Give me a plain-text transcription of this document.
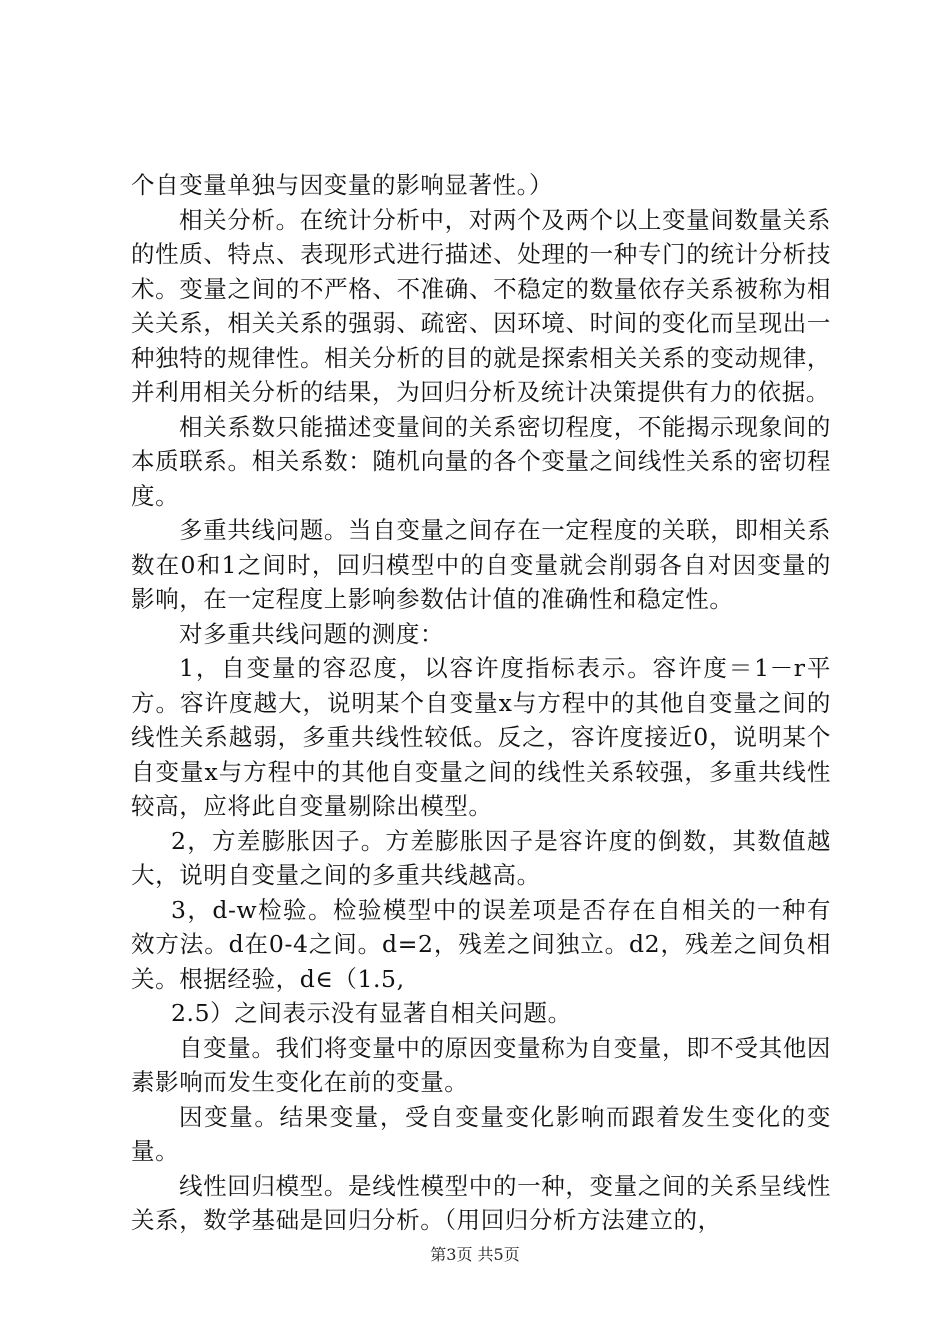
个自变量单独与因变量的影响显著性。）

相关分析。在统计分析中，对两个及两个以上变量间数量关系的性质、特点、表现形式进行描述、处理的一种专门的统计分析技术。变量之间的不严格、不准确、不稳定的数量依存关系被称为相关关系，相关关系的强弱、疏密、因环境、时间的变化而呈现出一种独特的规律性。相关分析的目的就是探索相关关系的变动规律，并利用相关分析的结果，为回归分析及统计决策提供有力的依据。

相关系数只能描述变量间的关系密切程度，不能揭示现象间的本质联系。相关系数：随机向量的各个变量之间线性关系的密切程度。

多重共线问题。当自变量之间存在一定程度的关联，即相关系数在0和1之间时，回归模型中的自变量就会削弱各自对因变量的影响，在一定程度上影响参数估计值的准确性和稳定性。

对多重共线问题的测度：

1，自变量的容忍度，以容许度指标表示。容许度＝1－r平方。容许度越大，说明某个自变量x与方程中的其他自变量之间的线性关系越弱，多重共线性较低。反之，容许度接近0，说明某个自变量x与方程中的其他自变量之间的线性关系较强，多重共线性较高，应将此自变量剔除出模型。

2，方差膨胀因子。方差膨胀因子是容许度的倒数，其数值越大，说明自变量之间的多重共线越高。

3，d-w检验。检验模型中的误差项是否存在自相关的一种有效方法。d在0-4之间。d=2，残差之间独立。d2，残差之间负相关。根据经验，d∈（1.5,

2.5）之间表示没有显著自相关问题。

自变量。我们将变量中的原因变量称为自变量，即不受其他因素影响而发生变化在前的变量。

因变量。结果变量，受自变量变化影响而跟着发生变化的变量。

线性回归模型。是线性模型中的一种，变量之间的关系呈线性关系，数学基础是回归分析。（用回归分析方法建立的，

第3页 共5页
